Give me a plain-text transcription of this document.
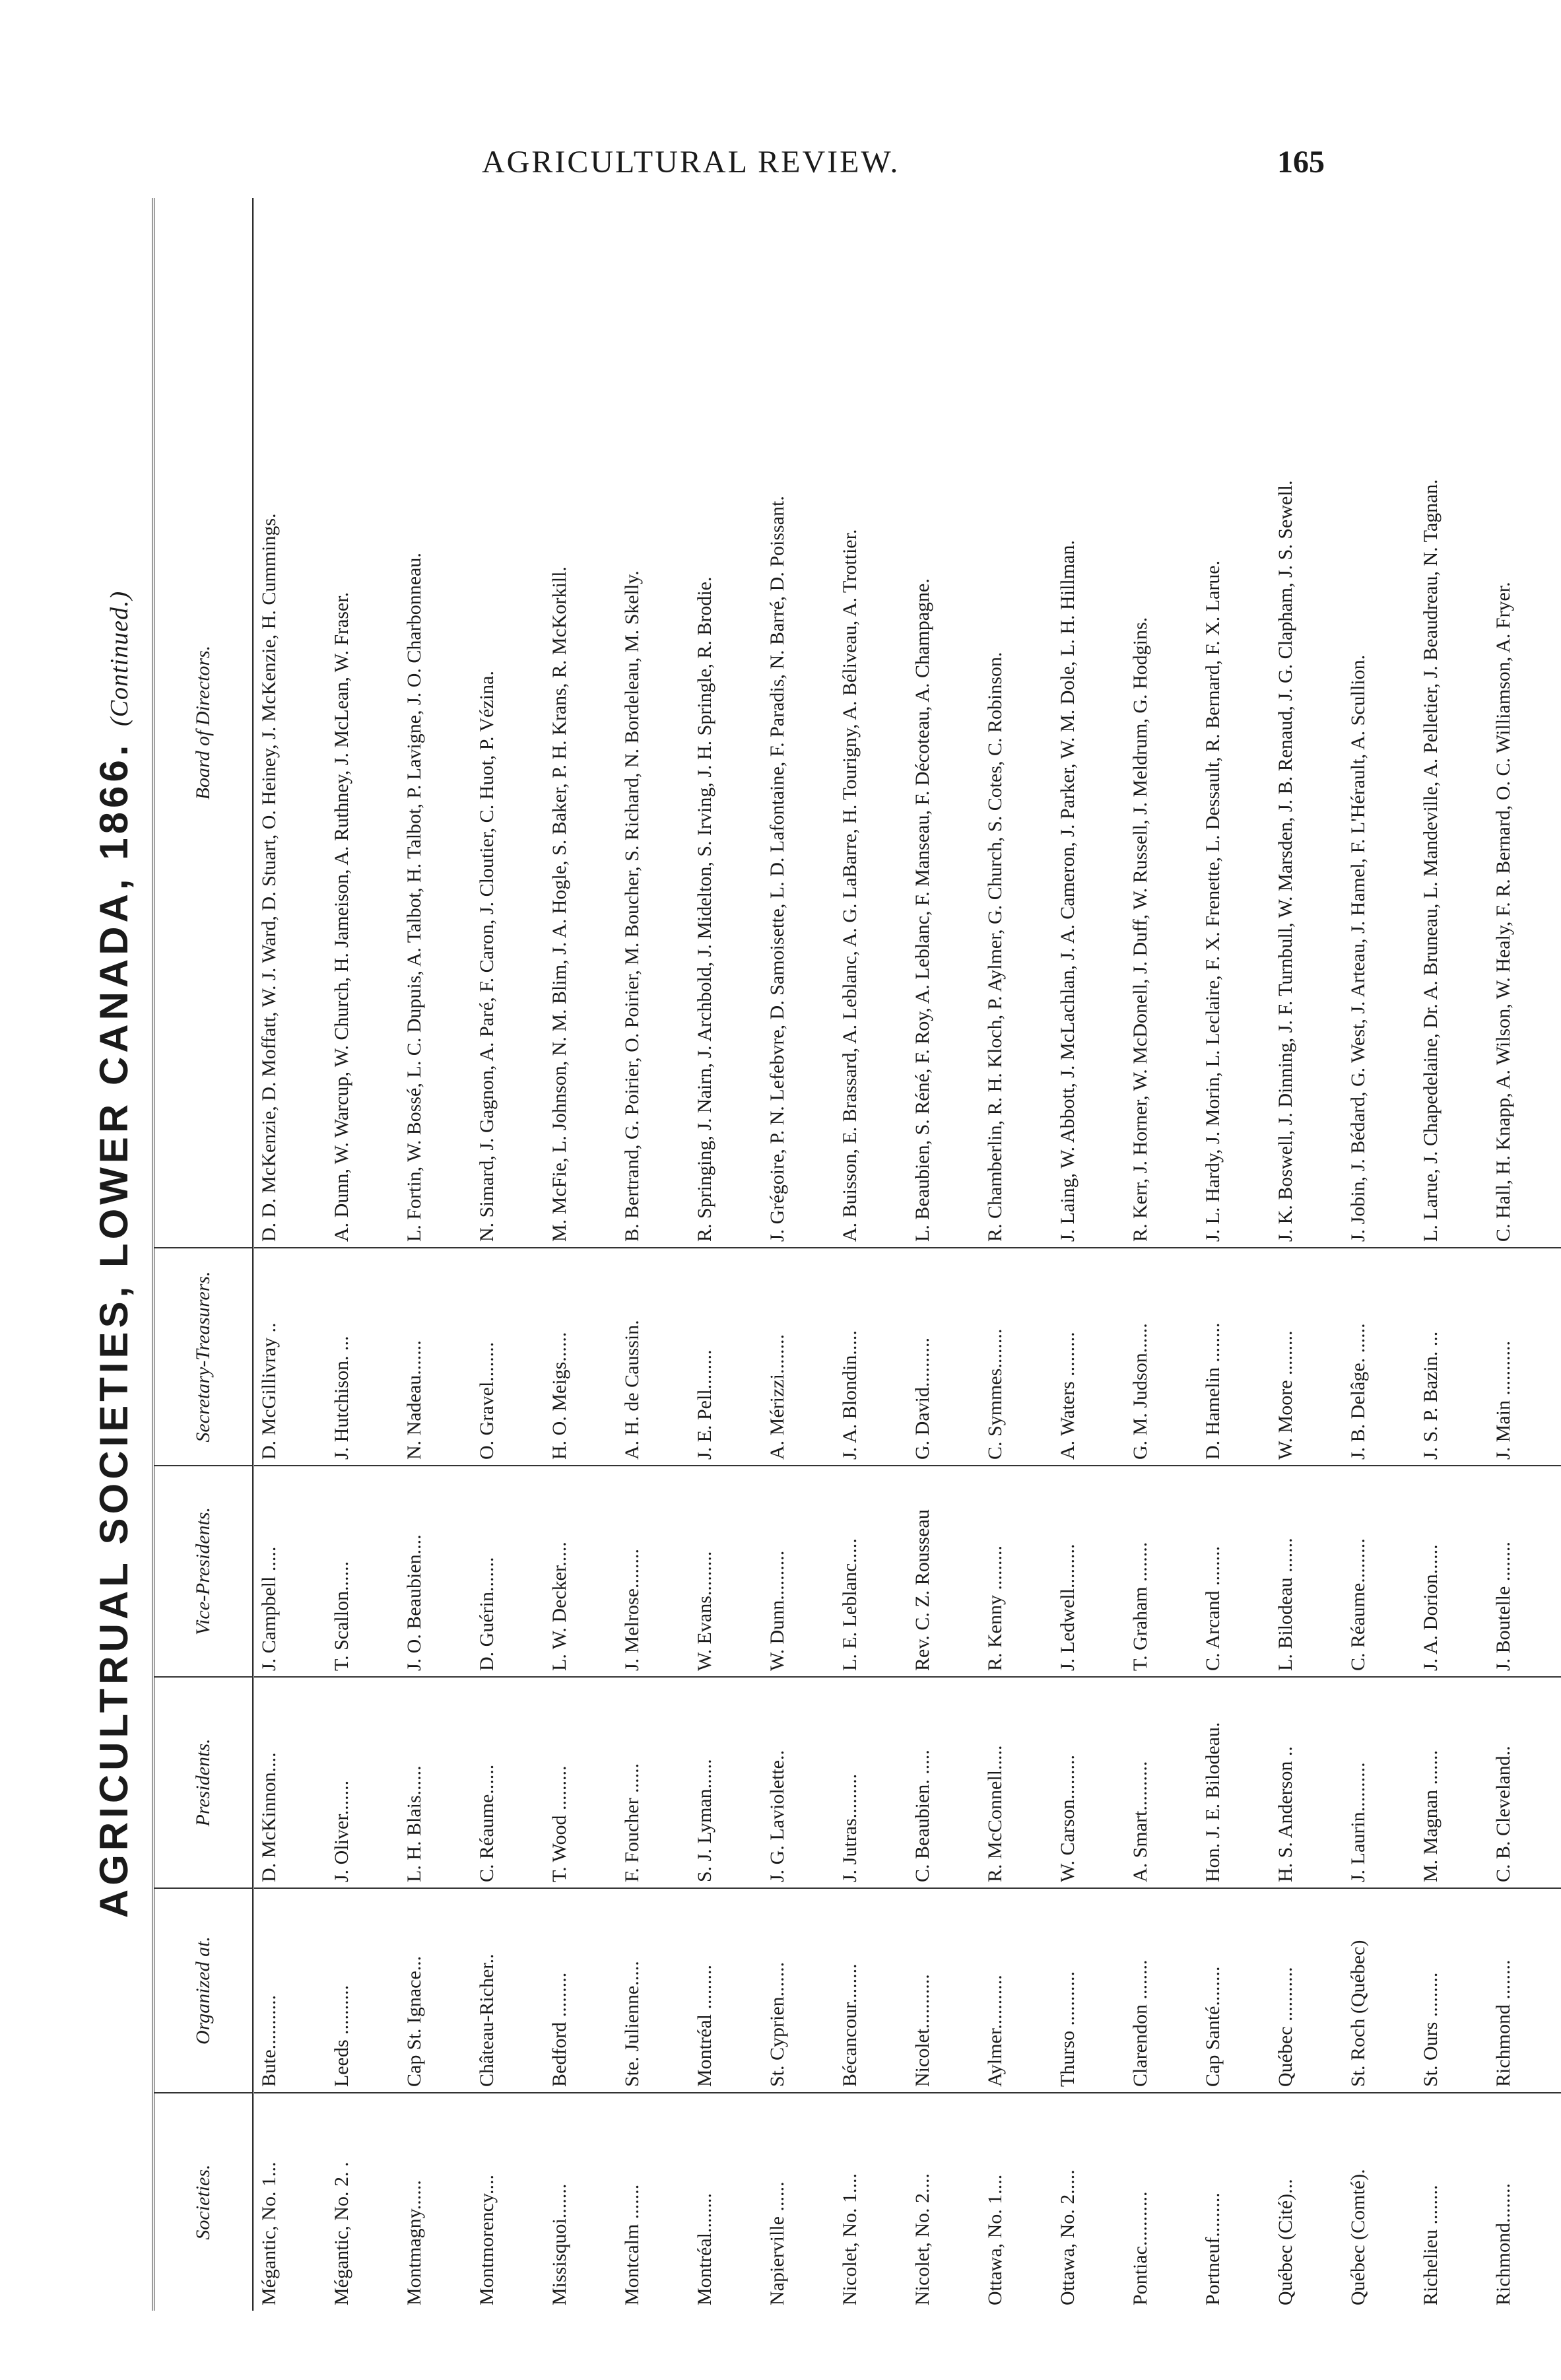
AGRICULTURAL REVIEW.	165
AGRICULTRUAL SOCIETIES, LOWER CANADA, 1866. (Continued.)
Societies.	Organized at.	Presidents.	Vice-Presidents.	Secretary-Treasurers.	Board of Directors.
Mégantic, No. 1...	Bute...........	D. McKinnon....	J. Campbell .....	D. McGillivray ..	D. D. McKenzie, D. Moffatt, W. J. Ward, D. Stuart, O. Heiney, J. McKenzie, H. Cummings.
Mégantic, No. 2. .	Leeds ..........	J. Oliver.......	T. Scallon......	J. Hutchison. ...	A. Dunn, W. Warcup, W. Church, H. Jameison, A. Ruthney, J. McLean, W. Fraser.
Montmagny......	Cap St. Ignace...	L. H. Blais......	J. O. Beaubien....	N. Nadeau.......	L. Fortin, W. Bossé, L. C. Dupuis, A. Talbot, H. Talbot, P. Lavigne, J. O. Charbonneau.
Montmorency....	Château-Richer..	C. Réaume......	D. Guérin.......	O. Gravel........	N. Simard, J. Gagnon, A. Paré, F. Caron, J. Cloutier, C. Huot, P. Vézina.
Missisquoi.......	Bedford .........	T. Wood .........	L. W. Decker.....	H. O. Meigs......	M. McFie, L. Johnson, N. M. Blim, J. A. Hogle, S. Baker, P. H. Krans, R. McKorkill.
Montcalm .......	Ste. Julienne.....	F. Foucher ......	J. Melrose........	A. H. de Caussin.	B. Bertrand, G. Poirier, O. Poirier, M. Boucher, S. Richard, N. Bordeleau, M. Skelly.
Montréal........	Montréal .........	S. J. Lyman......	W. Evans.........	J. E. Pell........	R. Springing, J. Nairn, J. Archbold, J. Midelton, S. Irving, J. H. Springle, R. Brodie.
Napierville ......	St. Cyprien.......	J. G. Laviolette..	W. Dunn..........	A. Mérizzi........	J. Grégoire, P. N. Lefebvre, D. Samoisette, L. D. Lafontaine, F. Paradis, N. Barré, D. Poissant.
Nicolet, No. 1....	Bécancour........	J. Jutras.........	L. E. Leblanc.....	J. A. Blondin.....	A. Buisson, E. Brassard, A. Leblanc, A. G. LaBarre, H. Tourigny, A. Béliveau, A. Trottier.
Nicolet, No. 2....	Nicolet...........	C. Beaubien. .....	Rev. C. Z. Rousseau	G. David..........	L. Beaubien, S. Réné, F. Roy, A. Leblanc, F. Manseau, F. Décoteau, A. Champagne.
Ottawa, No. 1....	Aylmer...........	R. McConnell.....	R. Kenny .........	C. Symmes........	R. Chamberlin, R. H. Kloch, P. Aylmer, G. Church, S. Cotes, C. Robinson.
Ottawa, No. 2.....	Thurso ...........	W. Carson.........	J. Ledwell.........	A. Waters .........	J. Laing, W. Abbott, J. McLachlan, J. A. Cameron, J. Parker, W. M. Dole, L. H. Hillman.
Pontiac...........	Clarendon ........	A. Smart..........	T. Graham ........	G. M. Judson......	R. Kerr, J. Horner, W. McDonell, J. Duff, W. Russell, J. Meldrum, G. Hodgins.
Portneuf.........	Cap Santé........	Hon. J. E. Bilodeau.	C. Arcand ........	D. Hamelin ........	J. L. Hardy, J. Morin, L. Leclaire, F. X. Frenette, L. Dessault, R. Bernard, F. X. Larue.
Québec (Cité)...	Québec ...........	H. S. Anderson ..	L. Bilodeau .......	W. Moore .........	J. K. Boswell, J. Dinning, J. F. Turnbull, W. Marsden, J. B. Renaud, J. G. Clapham, J. S. Sewell.
Québec (Comté).	St. Roch (Québec)	J. Laurin..........	C. Réaume.........	J. B. Delâge. ......	J. Jobin, J. Bédard, G. West, J. Arteau, J. Hamel, F. L'Hérault, A. Scullion.
Richelieu ........	St. Ours .........	M. Magnan .......	J. A. Dorion......	J. S. P. Bazin. ...	L. Larue, J. Chapedelaine, Dr. A. Bruneau, L. Mandeville, A. Pelletier, J. Beaudreau, N. Tagnan.
Richmond........	Richmond ........	C. B. Cleveland..	J. Boutelle ........	J. Main ...........	C. Hall, H. Knapp, A. Wilson, W. Healy, F. R. Bernard, O. C. Williamson, A. Fryer.
